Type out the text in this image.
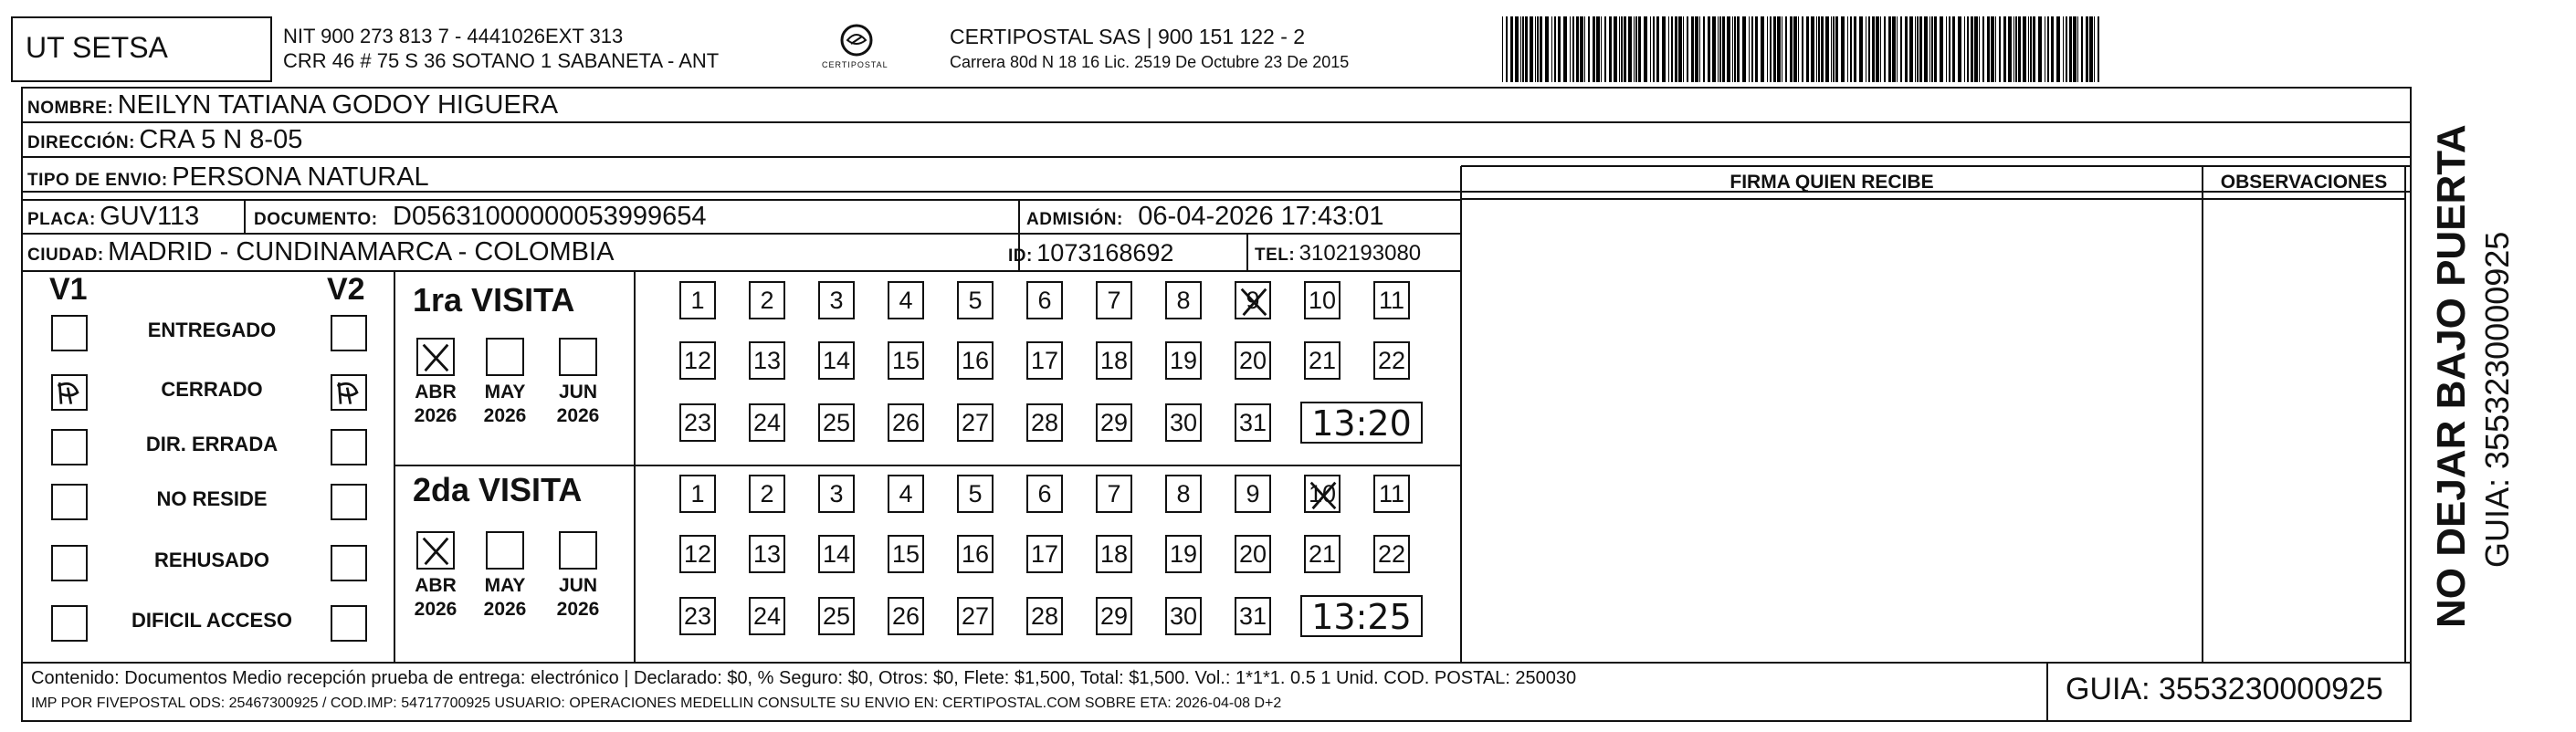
UT SETSA	NIT 900 273 813 7 - 4441026EXT 313
CRR 46 # 75 S 36 SOTANO 1 SABANETA - ANT	CERTIPOSTAL
CERTIPOSTAL SAS | 900 151 122 - 2
Carrera 80d N 18 16 Lic. 2519 De Octubre 23 De 2015
NOMBRE: NEILYN TATIANA GODOY HIGUERA
DIRECCIÓN: CRA 5 N 8-05
TIPO DE ENVIO: PERSONA NATURAL
PLACA: GUV113	DOCUMENTO: D05631000000053999654	ADMISIÓN: 06-04-2026 17:43:01
CIUDAD: MADRID - CUNDINAMARCA - COLOMBIA	ID: 1073168692	TEL: 3102193080
FIRMA QUIEN RECIBE	OBSERVACIONES
V1	V2
ENTREGADO
CERRADO
DIR. ERRADA
NO RESIDE
REHUSADO
DIFICIL ACCESO
1ra VISITA
2da VISITA
ABR
2026
MAY
2026
JUN
2026
1	2	3	4	5	6	7	8	9	10 11
12 13 14 15 16 17 18 19 20 21 22
23 24 25 26 27 28 29 30 31	13:20
ABR
2026
MAY
2026
JUN
2026
1	2	3	4	5	6	7	8	9	10 11
12 13 14 15 16 17 18 19 20 21 22
23 24 25 26 27 28 29 30 31	13:25
Contenido: Documentos Medio recepción prueba de entrega: electrónico | Declarado: $0, % Seguro: $0, Otros: $0, Flete: $1,500, Total: $1,500. Vol.: 1*1*1. 0.5 1 Unid. COD. POSTAL: 250030
IMP POR FIVEPOSTAL ODS: 25467300925 / COD.IMP: 54717700925 USUARIO: OPERACIONES MEDELLIN CONSULTE SU ENVIO EN: CERTIPOSTAL.COM SOBRE ETA: 2026-04-08 D+2	GUIA: 3553230000925
NO DEJAR BAJO PUERTA GUIA: 3553230000925
